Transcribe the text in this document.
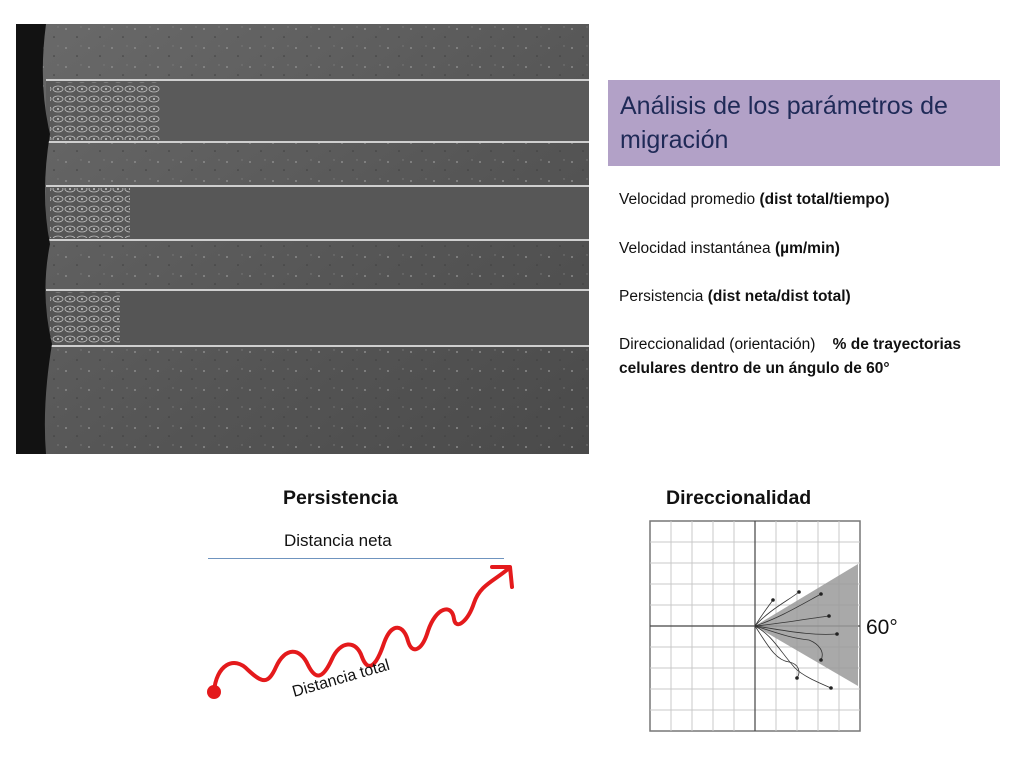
Análisis de los parámetros de migración
Velocidad promedio (dist total/tiempo)
Velocidad instantánea (µm/min)
Persistencia (dist neta/dist total)
Direccionalidad (orientación)    % de trayectorias celulares dentro de un ángulo de 60°
Persistencia
Distancia neta
Distancia total
Direccionalidad
60°
